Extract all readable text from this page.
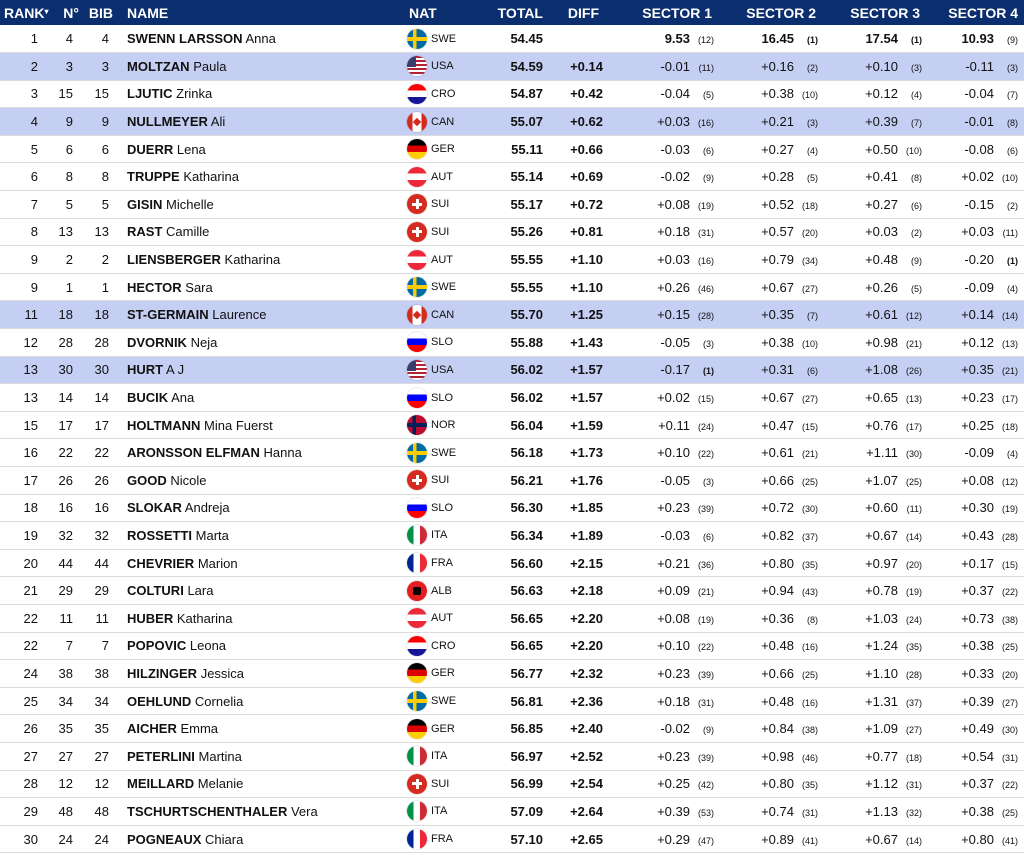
RANK▾	N°	BIB	NAME	NAT	TOTAL	DIFF	SECTOR 1	SECTOR 2	SECTOR 3	SECTOR 4
1	4	4	SWENN LARSSON Anna	SWE	54.45		9.53 (12)	16.45 (1)	17.54 (1)	10.93 (9)
2	3	3	MOLTZAN Paula	USA	54.59	+0.14	-0.01 (11)	+0.16 (2)	+0.10 (3)	-0.11 (3)
3	15	15	LJUTIC Zrinka	CRO	54.87	+0.42	-0.04 (5)	+0.38 (10)	+0.12 (4)	-0.04 (7)
4	9	9	NULLMEYER Ali	CAN	55.07	+0.62	+0.03 (16)	+0.21 (3)	+0.39 (7)	-0.01 (8)
5	6	6	DUERR Lena	GER	55.11	+0.66	-0.03 (6)	+0.27 (4)	+0.50 (10)	-0.08 (6)
6	8	8	TRUPPE Katharina	AUT	55.14	+0.69	-0.02 (9)	+0.28 (5)	+0.41 (8)	+0.02 (10)
7	5	5	GISIN Michelle	SUI	55.17	+0.72	+0.08 (19)	+0.52 (18)	+0.27 (6)	-0.15 (2)
8	13	13	RAST Camille	SUI	55.26	+0.81	+0.18 (31)	+0.57 (20)	+0.03 (2)	+0.03 (11)
9	2	2	LIENSBERGER Katharina	AUT	55.55	+1.10	+0.03 (16)	+0.79 (34)	+0.48 (9)	-0.20 (1)
9	1	1	HECTOR Sara	SWE	55.55	+1.10	+0.26 (46)	+0.67 (27)	+0.26 (5)	-0.09 (4)
11	18	18	ST-GERMAIN Laurence	CAN	55.70	+1.25	+0.15 (28)	+0.35 (7)	+0.61 (12)	+0.14 (14)
12	28	28	DVORNIK Neja	SLO	55.88	+1.43	-0.05 (3)	+0.38 (10)	+0.98 (21)	+0.12 (13)
13	30	30	HURT A J	USA	56.02	+1.57	-0.17 (1)	+0.31 (6)	+1.08 (26)	+0.35 (21)
13	14	14	BUCIK Ana	SLO	56.02	+1.57	+0.02 (15)	+0.67 (27)	+0.65 (13)	+0.23 (17)
15	17	17	HOLTMANN Mina Fuerst	NOR	56.04	+1.59	+0.11 (24)	+0.47 (15)	+0.76 (17)	+0.25 (18)
16	22	22	ARONSSON ELFMAN Hanna	SWE	56.18	+1.73	+0.10 (22)	+0.61 (21)	+1.11 (30)	-0.09 (4)
17	26	26	GOOD Nicole	SUI	56.21	+1.76	-0.05 (3)	+0.66 (25)	+1.07 (25)	+0.08 (12)
18	16	16	SLOKAR Andreja	SLO	56.30	+1.85	+0.23 (39)	+0.72 (30)	+0.60 (11)	+0.30 (19)
19	32	32	ROSSETTI Marta	ITA	56.34	+1.89	-0.03 (6)	+0.82 (37)	+0.67 (14)	+0.43 (28)
20	44	44	CHEVRIER Marion	FRA	56.60	+2.15	+0.21 (36)	+0.80 (35)	+0.97 (20)	+0.17 (15)
21	29	29	COLTURI Lara	ALB	56.63	+2.18	+0.09 (21)	+0.94 (43)	+0.78 (19)	+0.37 (22)
22	11	11	HUBER Katharina	AUT	56.65	+2.20	+0.08 (19)	+0.36 (8)	+1.03 (24)	+0.73 (38)
22	7	7	POPOVIC Leona	CRO	56.65	+2.20	+0.10 (22)	+0.48 (16)	+1.24 (35)	+0.38 (25)
24	38	38	HILZINGER Jessica	GER	56.77	+2.32	+0.23 (39)	+0.66 (25)	+1.10 (28)	+0.33 (20)
25	34	34	OEHLUND Cornelia	SWE	56.81	+2.36	+0.18 (31)	+0.48 (16)	+1.31 (37)	+0.39 (27)
26	35	35	AICHER Emma	GER	56.85	+2.40	-0.02 (9)	+0.84 (38)	+1.09 (27)	+0.49 (30)
27	27	27	PETERLINI Martina	ITA	56.97	+2.52	+0.23 (39)	+0.98 (46)	+0.77 (18)	+0.54 (31)
28	12	12	MEILLARD Melanie	SUI	56.99	+2.54	+0.25 (42)	+0.80 (35)	+1.12 (31)	+0.37 (22)
29	48	48	TSCHURTSCHENTHALER Vera	ITA	57.09	+2.64	+0.39 (53)	+0.74 (31)	+1.13 (32)	+0.38 (25)
30	24	24	POGNEAUX Chiara	FRA	57.10	+2.65	+0.29 (47)	+0.89 (41)	+0.67 (14)	+0.80 (41)
